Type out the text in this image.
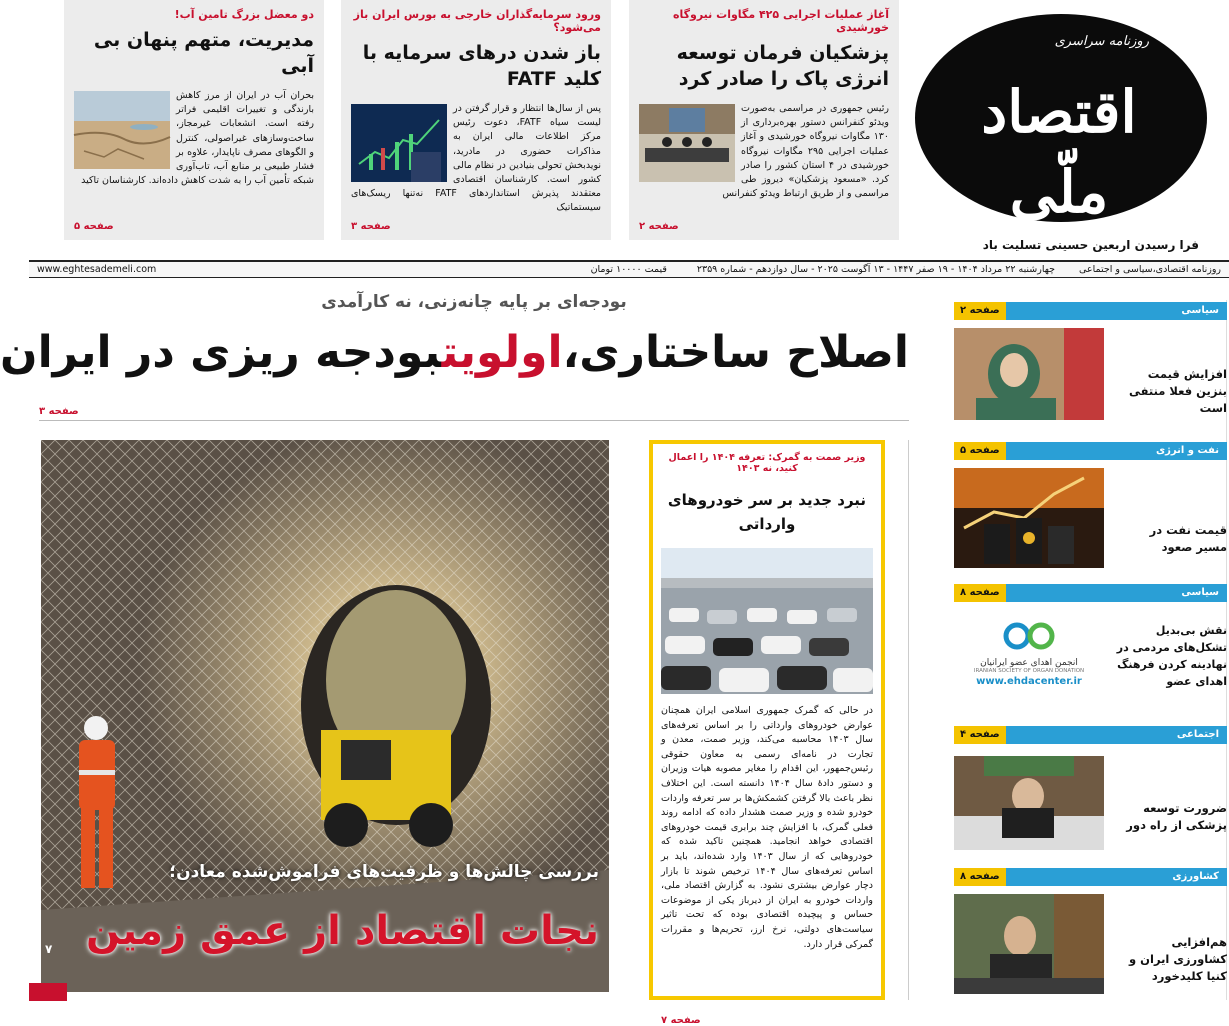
روزنامه سراسری
اقتصاد ملّی
فرا رسیدن اربعین حسینی تسلیت باد
آغاز عملیات اجرایی ۴۲۵ مگاوات نیروگاه خورشیدی
پزشکیان فرمان توسعه انرژی پاک را صادر کرد
رئیس جمهوری در مراسمی به‌صورت ویدئو کنفرانس دستور بهره‌برداری از ۱۳۰ مگاوات نیروگاه خورشیدی و آغاز عملیات اجرایی ۲۹۵ مگاوات نیروگاه خورشیدی در ۴ استان کشور را صادر کرد. «مسعود پزشکیان» دیروز طی مراسمی و از طریق ارتباط ویدئو کنفرانس
صفحه ۲
ورود سرمایه‌گذاران خارجی به بورس ایران باز می‌شود؟
باز شدن درهای سرمایه با کلید FATF
پس از سال‌ها انتظار و قرار گرفتن در لیست سیاه FATF، دعوت رئیس مرکز اطلاعات مالی ایران به مذاکرات حضوری در مادرید، نوید‌بخش تحولی بنیادین در نظام مالی کشور است. کارشناسان اقتصادی معتقدند پذیرش استانداردهای FATF نه‌تنها ریسک‌های سیستماتیک
صفحه ۳
دو معضل بزرگ تامین آب!
مدیریت، متهم پنهان بی آبی
بحران آب در ایران از مرز کاهش بارندگی و تغییرات اقلیمی فراتر رفته است. انشعابات غیرمجاز، ساخت‌وسازهای غیراصولی، کنترل و الگوهای مصرف ناپایدار، علاوه بر فشار طبیعی بر منابع آب، تاب‌آوری شبکه تأمین آب را به شدت کاهش داده‌اند. کارشناسان تاکید
صفحه ۵
روزنامه اقتصادی،سیاسی و اجتماعی
چهارشنبه ۲۲ مرداد ۱۴۰۴ - ۱۹ صفر ۱۴۴۷ - ۱۳ آگوست ۲۰۲۵ - سال دوازدهم - شماره ۲۳۵۹
قیمت ۱۰۰۰۰ تومان
www.eghtesademeli.com
بودجه‌ای بر پایه چانه‌زنی، نه کارآمدی
اصلاح ساختاری،اولویتبودجه ریزی در ایران
صفحه ۳
بررسی چالش‌ها و ظرفیت‌های فراموش‌شده معادن؛
نجات اقتصاد از عمق زمین
۷
وزیر صمت به گمرک: تعرفه ۱۴۰۴ را اعمال کنید، نه ۱۴۰۳
نبرد جدید بر سر خودروهای وارداتی
در حالی که گمرک جمهوری اسلامی ایران همچنان عوارض خودروهای وارداتی را بر اساس تعرفه‌های سال ۱۴۰۳ محاسبه می‌کند، وزیر صمت، معدن و تجارت در نامه‌ای رسمی به معاون حقوقی رئیس‌جمهور، این اقدام را مغایر مصوبه هیات وزیران و دستور دادهٔ سال ۱۴۰۴ دانسته است. این اختلاف نظر باعث بالا گرفتن کشمکش‌ها بر سر تعرفه واردات خودرو شده و وزیر صمت هشدار داده که ادامه روند فعلی گمرک، با افزایش چند برابری قیمت خودروهای اقتصادی خواهد انجامید. همچنین تاکید شده که خودروهایی که از سال ۱۴۰۳ وارد شده‌اند، باید بر اساس تعرفه‌های سال ۱۴۰۴ ترخیص شوند تا بازار دچار عوارض بیشتری نشود. به گزارش اقتصاد ملی، واردات خودرو به ایران از دیرباز یکی از موضوعات حساس و پیچیده اقتصادی بوده که تحت تاثیر سیاست‌های دولتی، نرخ ارز، تحریم‌ها و مقررات گمرکی قرار دارد.
صفحه ۷
سیاسی
صفحه ۲
افزایش قیمت بنزین فعلا منتفی است
نفت و انرژی
صفحه ۵
قیمت نفت در مسیر صعود
سیاسی
صفحه ۸
نقش بی‌بدیل تشکل‌های مردمی در نهادینه کردن فرهنگ اهدای عضو
انجمن اهدای عضو ایرانیان
IRANIAN SOCIETY OF ORGAN DONATION
www.ehdacenter.ir
اجتماعی
صفحه ۴
ضرورت توسعه پزشکی از راه دور
کشاورزی
صفحه ۸
هم‌افزایی کشاورزی ایران و کنیا کلید‌خورد
